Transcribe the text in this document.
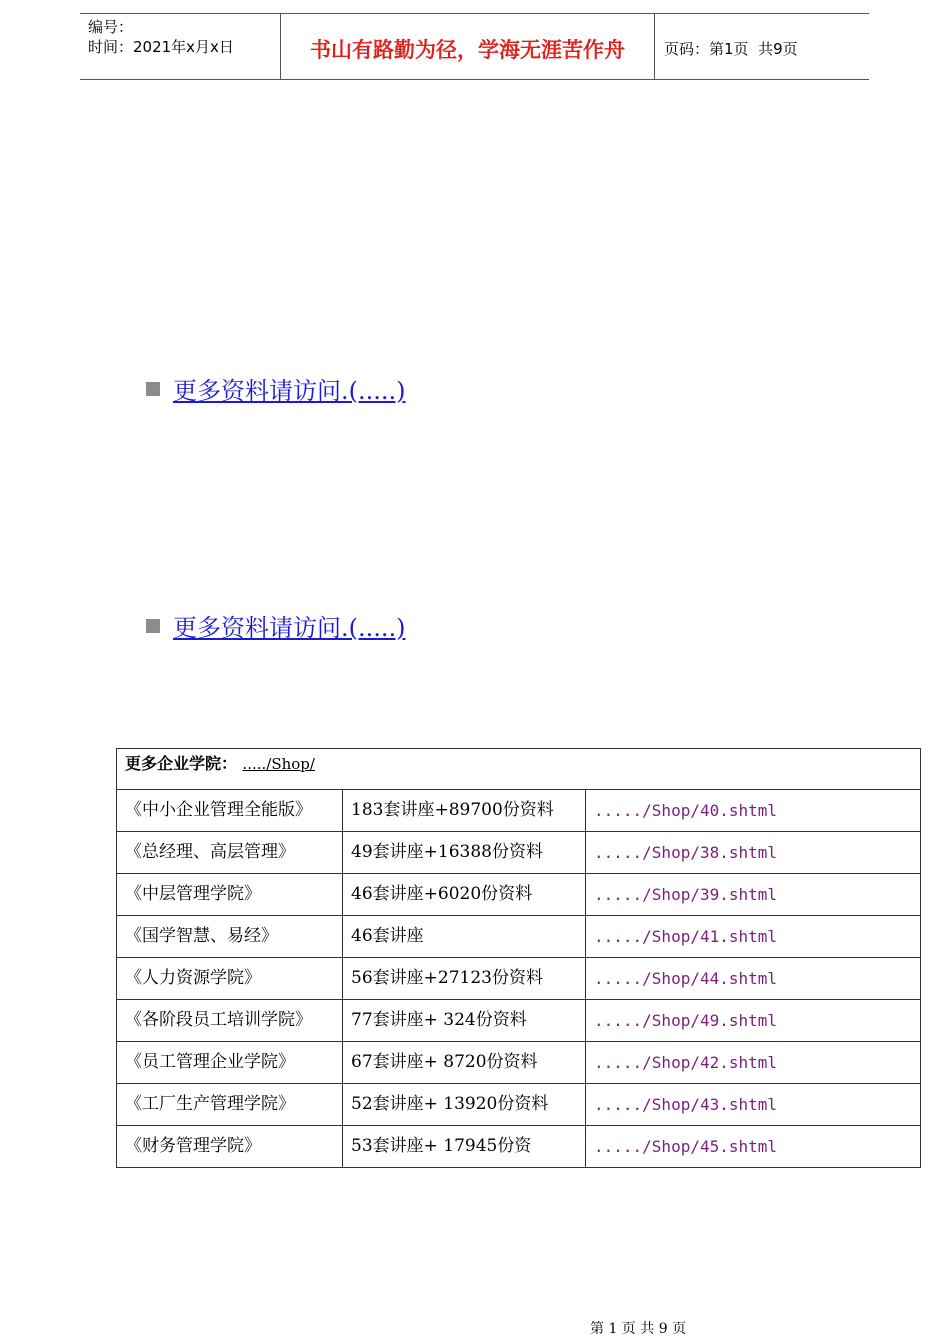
编号：
时间：2021年x月x日	书山有路勤为径，学海无涯苦作舟	页码：第1页  共9页
更多资料请访问.(.....)
更多资料请访问.(.....)
更多企业学院： ...../Shop/		
《中小企业管理全能版》	183套讲座+89700份资料	...../Shop/40.shtml
《总经理、高层管理》	49套讲座+16388份资料	...../Shop/38.shtml
《中层管理学院》	46套讲座+6020份资料	...../Shop/39.shtml
《国学智慧、易经》	46套讲座	...../Shop/41.shtml
《人力资源学院》	56套讲座+27123份资料	...../Shop/44.shtml
《各阶段员工培训学院》	77套讲座+ 324份资料	...../Shop/49.shtml
《员工管理企业学院》	67套讲座+ 8720份资料	...../Shop/42.shtml
《工厂生产管理学院》	52套讲座+ 13920份资料	...../Shop/43.shtml
《财务管理学院》	53套讲座+ 17945份资	...../Shop/45.shtml
第 1 页 共 9 页
